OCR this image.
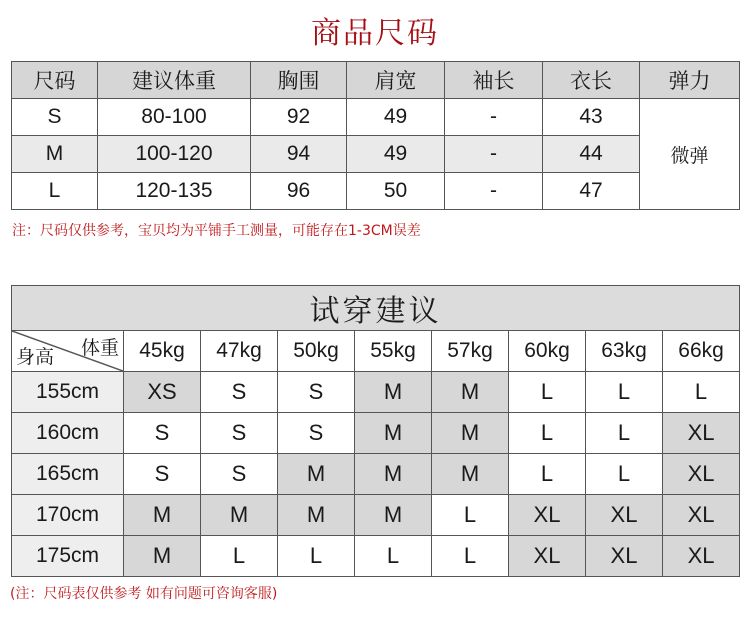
商品尺码
尺码	建议体重	胸围	肩宽	袖长	衣长	弹力
S	80-100	92	49	-	43	微弹
M	100-120	94	49	-	44	
L	120-135	96	50	-	47	
注：尺码仅供参考，宝贝均为平铺手工测量，可能存在1-3CM误差
试穿建议								

体重
身高	45kg	47kg	50kg	55kg	57kg	60kg	63kg	66kg
155cm	XS	S	S	M	M	L	L	L
160cm	S	S	S	M	M	L	L	XL
165cm	S	S	M	M	M	L	L	XL
170cm	M	M	M	M	L	XL	XL	XL
175cm	M	L	L	L	L	XL	XL	XL
(注：尺码表仅供参考 如有问题可咨询客服)
